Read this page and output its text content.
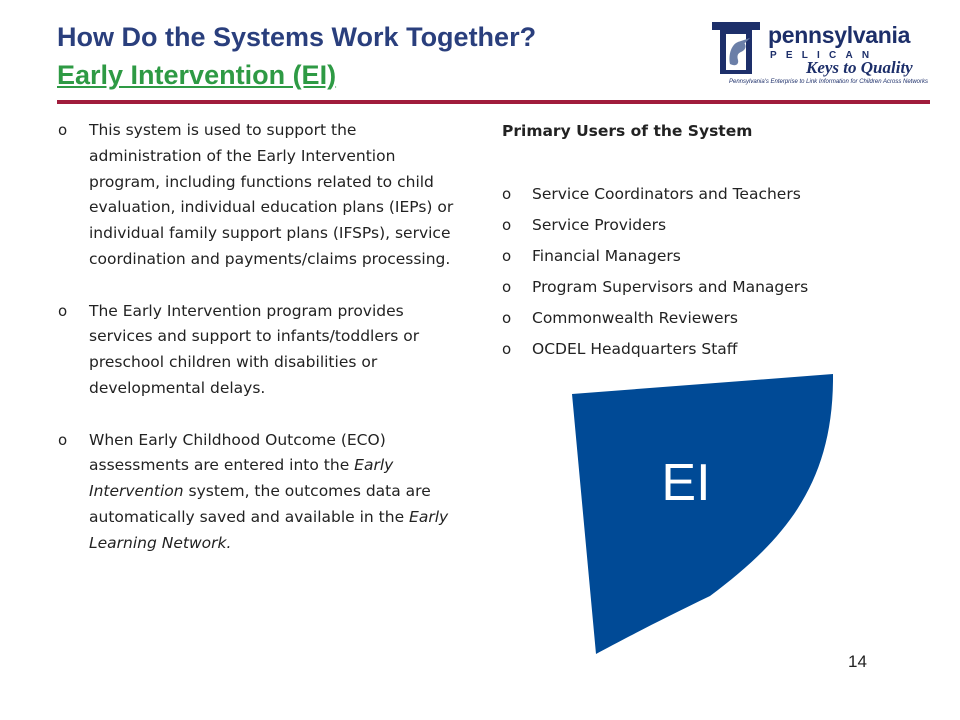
How Do the Systems Work Together?
Early Intervention (EI)
pennsylvania
PELICAN
Keys to Quality
Pennsylvania's Enterprise to Link Information for Children Across Networks
o This system is used to support the administration of the Early Intervention program, including functions related to child evaluation, individual education plans (IEPs) or individual family support plans (IFSPs), service coordination and payments/claims processing.
o The Early Intervention program provides services and support to infants/toddlers or preschool children with disabilities or developmental delays.
o When Early Childhood Outcome (ECO) assessments are entered into the Early Intervention system, the outcomes data are automatically saved and available in the Early Learning Network.
Primary Users of the System
o Service Coordinators and Teachers
o Service Providers
o Financial Managers
o Program Supervisors and Managers
o Commonwealth Reviewers
o OCDEL Headquarters Staff
EI
14
